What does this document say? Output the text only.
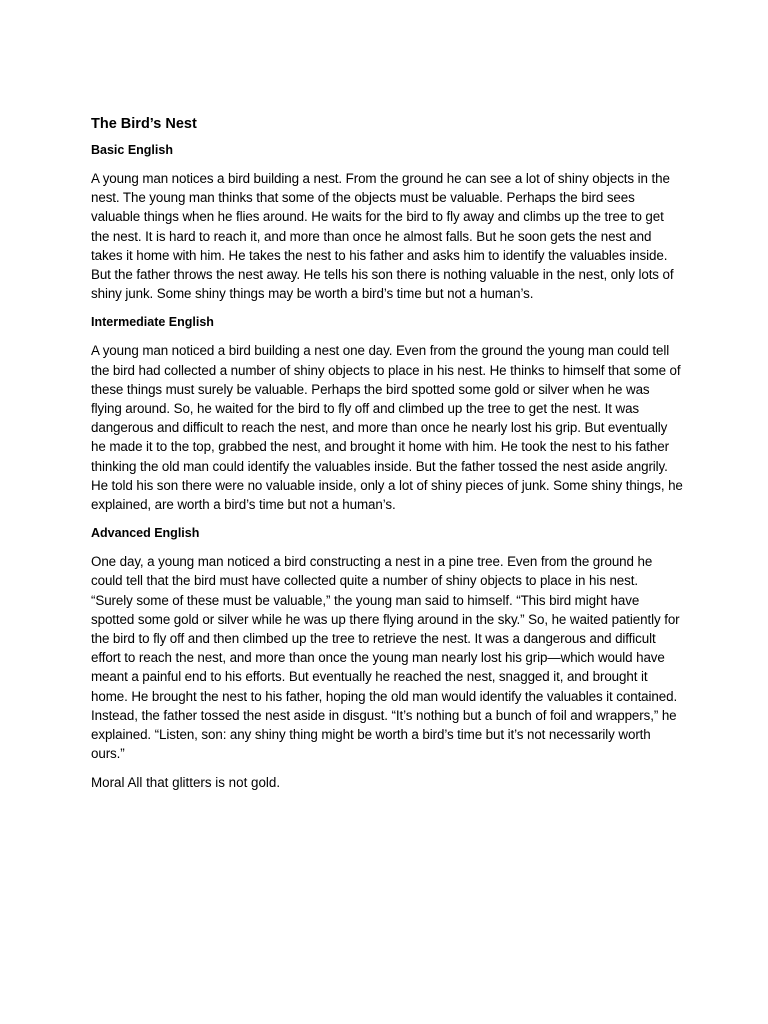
The Bird’s Nest
Basic English

A young man notices a bird building a nest. From the ground he can see a lot of shiny objects in the nest. The young man thinks that some of the objects must be valuable. Perhaps the bird sees valuable things when he flies around. He waits for the bird to fly away and climbs up the tree to get the nest. It is hard to reach it, and more than once he almost falls. But he soon gets the nest and takes it home with him. He takes the nest to his father and asks him to identify the valuables inside. But the father throws the nest away. He tells his son there is nothing valuable in the nest, only lots of shiny junk. Some shiny things may be worth a bird’s time but not a human’s.

Intermediate English

A young man noticed a bird building a nest one day. Even from the ground the young man could tell the bird had collected a number of shiny objects to place in his nest. He thinks to himself that some of these things must surely be valuable. Perhaps the bird spotted some gold or silver when he was flying around. So, he waited for the bird to fly off and climbed up the tree to get the nest. It was dangerous and difficult to reach the nest, and more than once he nearly lost his grip. But eventually he made it to the top, grabbed the nest, and brought it home with him. He took the nest to his father thinking the old man could identify the valuables inside. But the father tossed the nest aside angrily. He told his son there were no valuable inside, only a lot of shiny pieces of junk. Some shiny things, he explained, are worth a bird’s time but not a human’s.

Advanced English

One day, a young man noticed a bird constructing a nest in a pine tree. Even from the ground he could tell that the bird must have collected quite a number of shiny objects to place in his nest. “Surely some of these must be valuable,” the young man said to himself. “This bird might have spotted some gold or silver while he was up there flying around in the sky.” So, he waited patiently for the bird to fly off and then climbed up the tree to retrieve the nest. It was a dangerous and difficult effort to reach the nest, and more than once the young man nearly lost his grip—which would have meant a painful end to his efforts. But eventually he reached the nest, snagged it, and brought it home. He brought the nest to his father, hoping the old man would identify the valuables it contained. Instead, the father tossed the nest aside in disgust. “It’s nothing but a bunch of foil and wrappers,” he explained. “Listen, son: any shiny thing might be worth a bird’s time but it’s not necessarily worth ours.”

Moral All that glitters is not gold.
